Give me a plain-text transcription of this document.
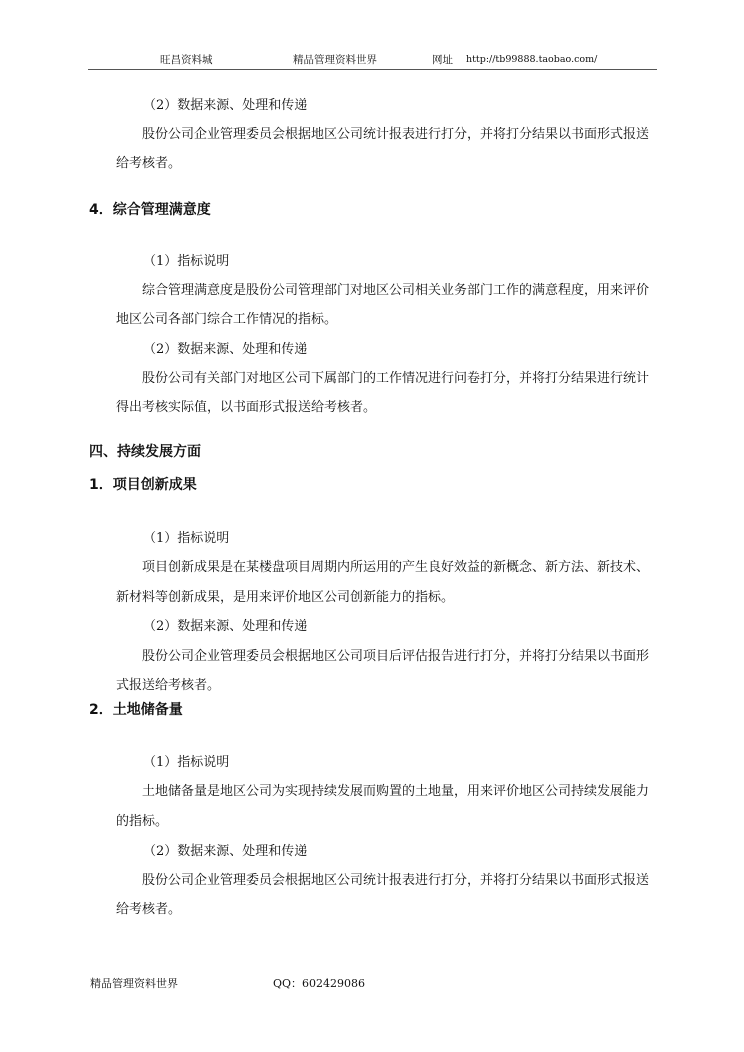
旺昌资料城	精品管理资料世界	网址 http://tb99888.taobao.com/
（2）数据来源、处理和传递
股份公司企业管理委员会根据地区公司统计报表进行打分，并将打分结果以书面形式报送
给考核者。
4．综合管理满意度
（1）指标说明
综合管理满意度是股份公司管理部门对地区公司相关业务部门工作的满意程度，用来评价
地区公司各部门综合工作情况的指标。
（2）数据来源、处理和传递
股份公司有关部门对地区公司下属部门的工作情况进行问卷打分，并将打分结果进行统计
得出考核实际值，以书面形式报送给考核者。
四、持续发展方面
1．项目创新成果
（1）指标说明
项目创新成果是在某楼盘项目周期内所运用的产生良好效益的新概念、新方法、新技术、
新材料等创新成果，是用来评价地区公司创新能力的指标。
（2）数据来源、处理和传递
股份公司企业管理委员会根据地区公司项目后评估报告进行打分，并将打分结果以书面形
式报送给考核者。
2．土地储备量
（1）指标说明
土地储备量是地区公司为实现持续发展而购置的土地量，用来评价地区公司持续发展能力
的指标。
（2）数据来源、处理和传递
股份公司企业管理委员会根据地区公司统计报表进行打分，并将打分结果以书面形式报送
给考核者。
精品管理资料世界	QQ：602429086
